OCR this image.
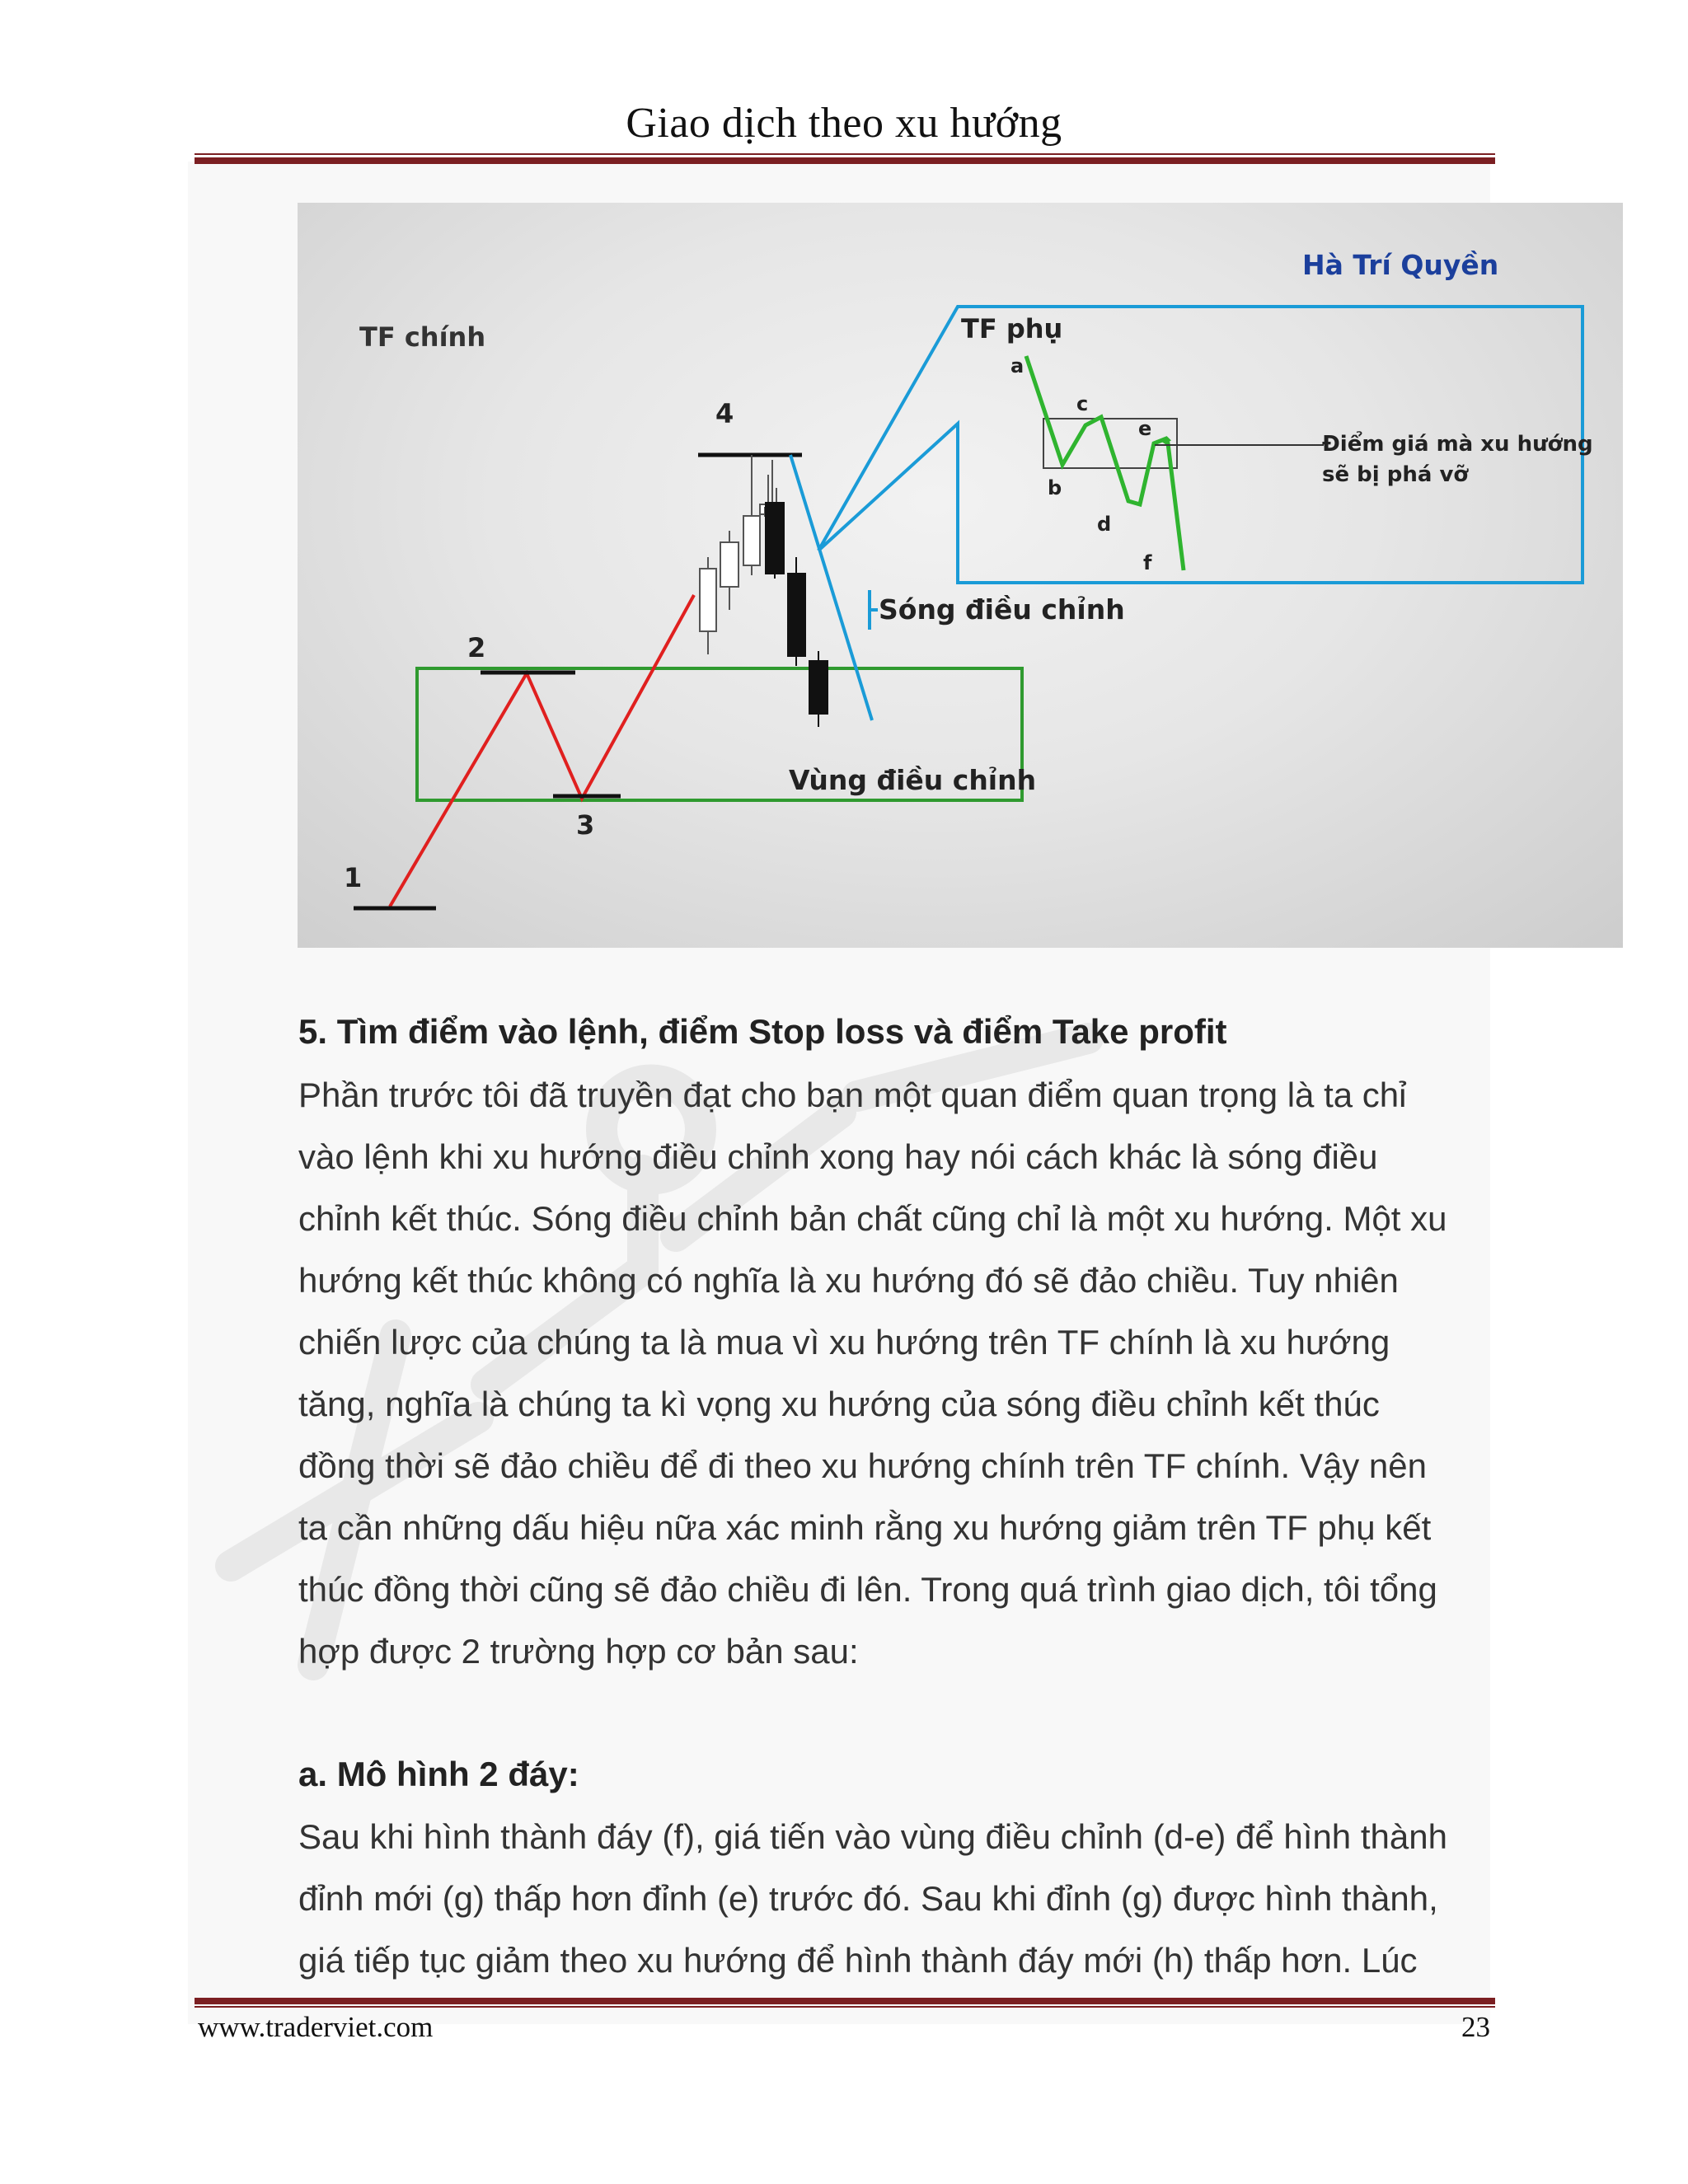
Giao dịch theo xu hướng
Hà Trí Quyền
TF chính
Vùng điều chỉnh
1
2
3
4
TF phụ
Sóng điều chỉnh
a
b
c
d
e
f
Điểm giá mà xu hướng
sẽ bị phá vỡ
5. Tìm điểm vào lệnh, điểm Stop loss và điểm Take profit
Phần trước tôi đã truyền đạt cho bạn một quan điểm quan trọng là ta chỉ
vào lệnh khi xu hướng điều chỉnh xong hay nói cách khác là sóng điều
chỉnh kết thúc. Sóng điều chỉnh bản chất cũng chỉ là một xu hướng. Một xu
hướng kết thúc không có nghĩa là xu hướng đó sẽ đảo chiều. Tuy nhiên
chiến lược của chúng ta là mua vì xu hướng trên TF chính là xu hướng
tăng, nghĩa là chúng ta kì vọng xu hướng của sóng điều chỉnh kết thúc
đồng thời sẽ đảo chiều để đi theo xu hướng chính trên TF chính. Vậy nên
ta cần những dấu hiệu nữa xác minh rằng xu hướng giảm trên TF phụ kết
thúc đồng thời cũng sẽ đảo chiều đi lên. Trong quá trình giao dịch, tôi tổng
hợp được 2 trường hợp cơ bản sau:
a. Mô hình 2 đáy:
Sau khi hình thành đáy (f), giá tiến vào vùng điều chỉnh (d-e) để hình thành
đỉnh mới (g) thấp hơn đỉnh (e) trước đó. Sau khi đỉnh (g) được hình thành,
giá tiếp tục giảm theo xu hướng để hình thành đáy mới (h) thấp hơn. Lúc
www.traderviet.com	23
